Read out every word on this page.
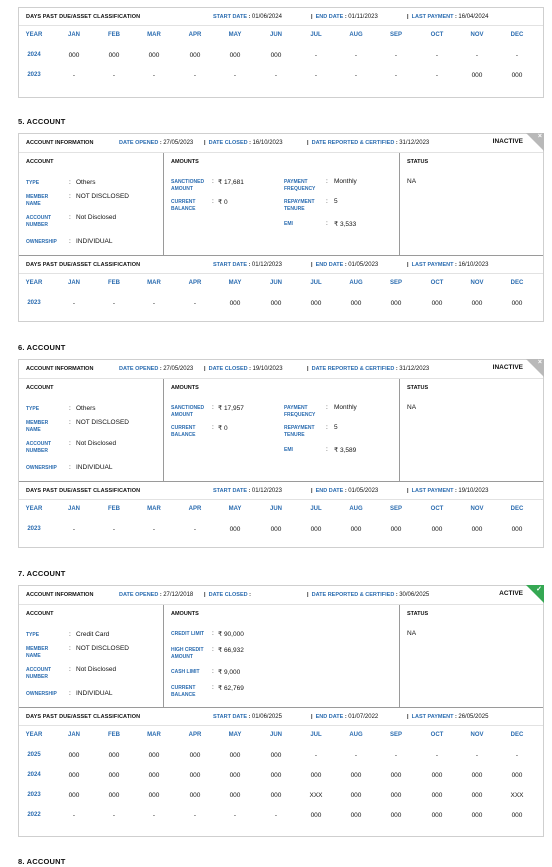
DAYS PAST DUE/ASSET CLASSIFICATION	START DATE : 01/06/2024	|  END DATE : 01/11/2023	|  LAST PAYMENT : 16/04/2024
YEAR	JAN	FEB	MAR	APR	MAY	JUN	JUL	AUG	SEP	OCT	NOV	DEC
2024	000	000	000	000	000	000	-	-	-	-	-	-
2023	-	-	-	-	-	-	-	-	-	-	000	000
5. ACCOUNT
ACCOUNT INFORMATION	DATE OPENED : 27/05/2023 |  DATE CLOSED : 16/10/2023	|  DATE REPORTED & CERTIFIED : 31/12/2023	INACTIVE
×
ACCOUNT
TYPE	: Others
MEMBER NAME
: NOT DISCLOSED
ACCOUNT NUMBER
: Not Disclosed
OWNERSHIP : INDIVIDUAL
AMOUNTS
SANCTIONED AMOUNT
: ₹ 17,681
CURRENT BALANCE
: ₹ 0
PAYMENT FREQUENCY
: Monthly
REPAYMENT TENURE
: 5
EMI	: ₹ 3,533
STATUS
NA
DAYS PAST DUE/ASSET CLASSIFICATION	START DATE : 01/12/2023	|  END DATE : 01/05/2023	|  LAST PAYMENT : 16/10/2023
YEAR	JAN	FEB	MAR	APR	MAY	JUN	JUL	AUG	SEP	OCT	NOV	DEC
2023	-	-	-	-	000	000	000	000	000	000	000	000
6. ACCOUNT
ACCOUNT INFORMATION	DATE OPENED : 27/05/2023 |  DATE CLOSED : 19/10/2023	|  DATE REPORTED & CERTIFIED : 31/12/2023	INACTIVE
×
ACCOUNT
TYPE	: Others
MEMBER NAME
: NOT DISCLOSED
ACCOUNT NUMBER
: Not Disclosed
OWNERSHIP : INDIVIDUAL
AMOUNTS
SANCTIONED AMOUNT
: ₹ 17,957
CURRENT BALANCE
: ₹ 0
PAYMENT FREQUENCY
: Monthly
REPAYMENT TENURE
: 5
EMI	: ₹ 3,589
STATUS
NA
DAYS PAST DUE/ASSET CLASSIFICATION	START DATE : 01/12/2023	|  END DATE : 01/05/2023	|  LAST PAYMENT : 19/10/2023
YEAR	JAN	FEB	MAR	APR	MAY	JUN	JUL	AUG	SEP	OCT	NOV	DEC
2023	-	-	-	-	000	000	000	000	000	000	000	000
7. ACCOUNT
ACCOUNT INFORMATION	DATE OPENED : 27/12/2018 |  DATE CLOSED :	|  DATE REPORTED & CERTIFIED : 30/06/2025	ACTIVE
✓
ACCOUNT
TYPE	: Credit Card
MEMBER NAME
: NOT DISCLOSED
ACCOUNT NUMBER
: Not Disclosed
OWNERSHIP : INDIVIDUAL
AMOUNTS
CREDIT LIMIT : ₹ 90,000
HIGH CREDIT AMOUNT
: ₹ 66,932
CASH LIMIT : ₹ 9,000
CURRENT BALANCE
: ₹ 62,769
STATUS
NA
DAYS PAST DUE/ASSET CLASSIFICATION	START DATE : 01/06/2025	|  END DATE : 01/07/2022	|  LAST PAYMENT : 26/05/2025
YEAR	JAN	FEB	MAR	APR	MAY	JUN	JUL	AUG	SEP	OCT	NOV	DEC
2025	000	000	000	000	000	000	-	-	-	-	-	-
2024	000	000	000	000	000	000	000	000	000	000	000	000
2023	000	000	000	000	000	000	XXX	000	000	000	000	XXX
2022	-	-	-	-	-	-	000	000	000	000	000	000
8. ACCOUNT
